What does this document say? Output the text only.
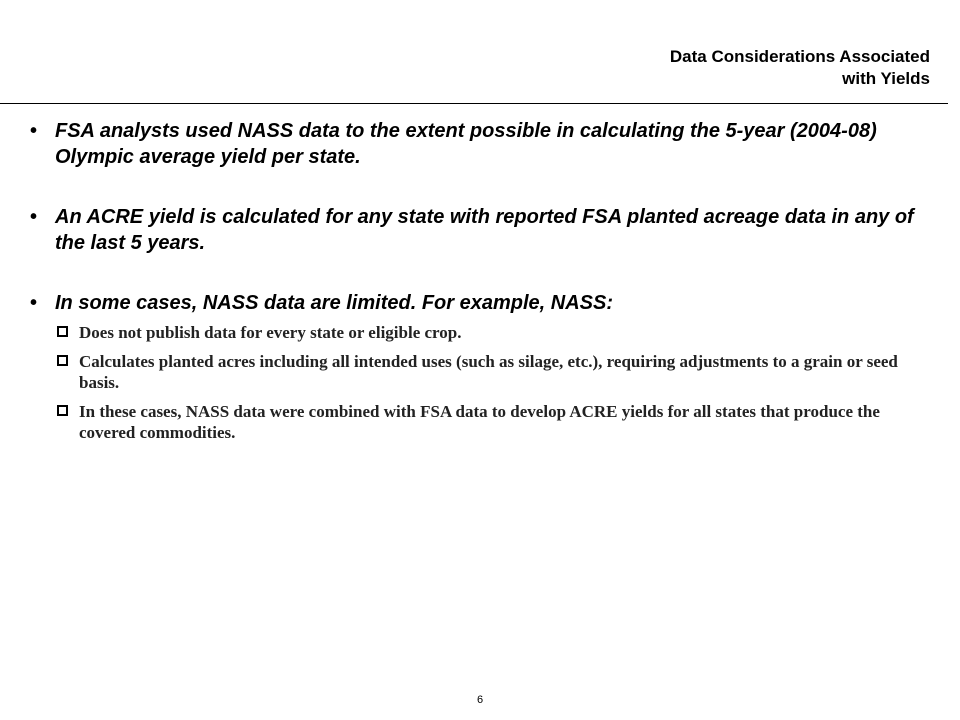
Data Considerations Associated
with Yields
• FSA analysts used NASS data to the extent possible in calculating the 5-year (2004-08) Olympic average yield per state.
• An ACRE yield is calculated for any state with reported FSA planted acreage data in any of the last 5 years.
• In some cases, NASS data are limited. For example, NASS:
Does not publish data for every state or eligible crop.
Calculates planted acres including all intended uses (such as silage, etc.), requiring adjustments to a grain or seed basis.
In these cases, NASS data were combined with FSA data to develop ACRE yields for all states that produce the covered commodities.
6
